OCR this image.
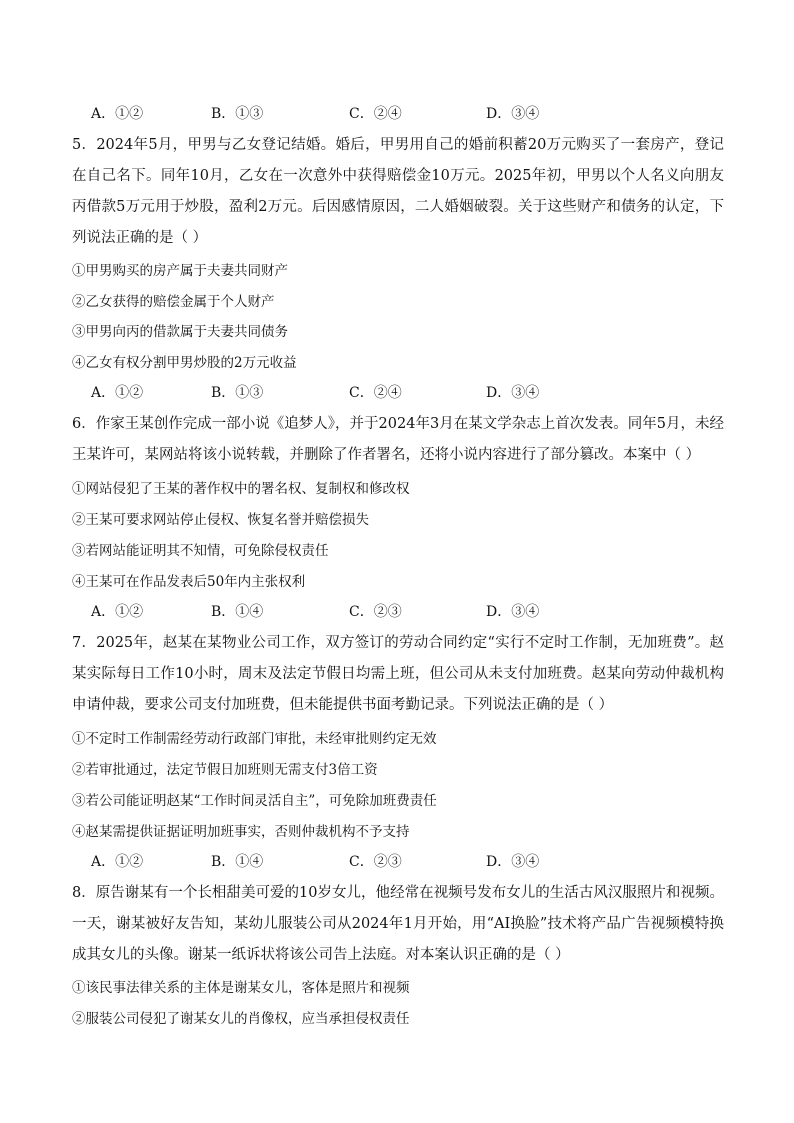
A．①②	B．①③	C．②④	D．③④

5．2024年5月，甲男与乙女登记结婚。婚后，甲男用自己的婚前积蓄20万元购买了一套房产，登记在自己名下。同年10月，乙女在一次意外中获得赔偿金10万元。2025年初，甲男以个人名义向朋友丙借款5万元用于炒股，盈利2万元。后因感情原因，二人婚姻破裂。关于这些财产和债务的认定，下列说法正确的是（ ）

①甲男购买的房产属于夫妻共同财产

②乙女获得的赔偿金属于个人财产

③甲男向丙的借款属于夫妻共同债务

④乙女有权分割甲男炒股的2万元收益

A．①②	B．①③	C．②④	D．③④

6．作家王某创作完成一部小说《追梦人》，并于2024年3月在某文学杂志上首次发表。同年5月，未经王某许可，某网站将该小说转载，并删除了作者署名，还将小说内容进行了部分篡改。本案中（ ）

①网站侵犯了王某的著作权中的署名权、复制权和修改权

②王某可要求网站停止侵权、恢复名誉并赔偿损失

③若网站能证明其不知情，可免除侵权责任

④王某可在作品发表后50年内主张权利

A．①②	B．①④	C．②③	D．③④

7．2025年，赵某在某物业公司工作，双方签订的劳动合同约定“实行不定时工作制，无加班费”。赵某实际每日工作10小时，周末及法定节假日均需上班，但公司从未支付加班费。赵某向劳动仲裁机构申请仲裁，要求公司支付加班费，但未能提供书面考勤记录。下列说法正确的是（ ）

①不定时工作制需经劳动行政部门审批，未经审批则约定无效

②若审批通过，法定节假日加班则无需支付3倍工资

③若公司能证明赵某“工作时间灵活自主”，可免除加班费责任

④赵某需提供证据证明加班事实，否则仲裁机构不予支持

A．①②	B．①④	C．②③	D．③④

8．原告谢某有一个长相甜美可爱的10岁女儿，他经常在视频号发布女儿的生活古风汉服照片和视频。一天，谢某被好友告知，某幼儿服装公司从2024年1月开始，用“AI换脸”技术将产品广告视频模特换成其女儿的头像。谢某一纸诉状将该公司告上法庭。对本案认识正确的是（ ）

①该民事法律关系的主体是谢某女儿，客体是照片和视频

②服装公司侵犯了谢某女儿的肖像权，应当承担侵权责任
